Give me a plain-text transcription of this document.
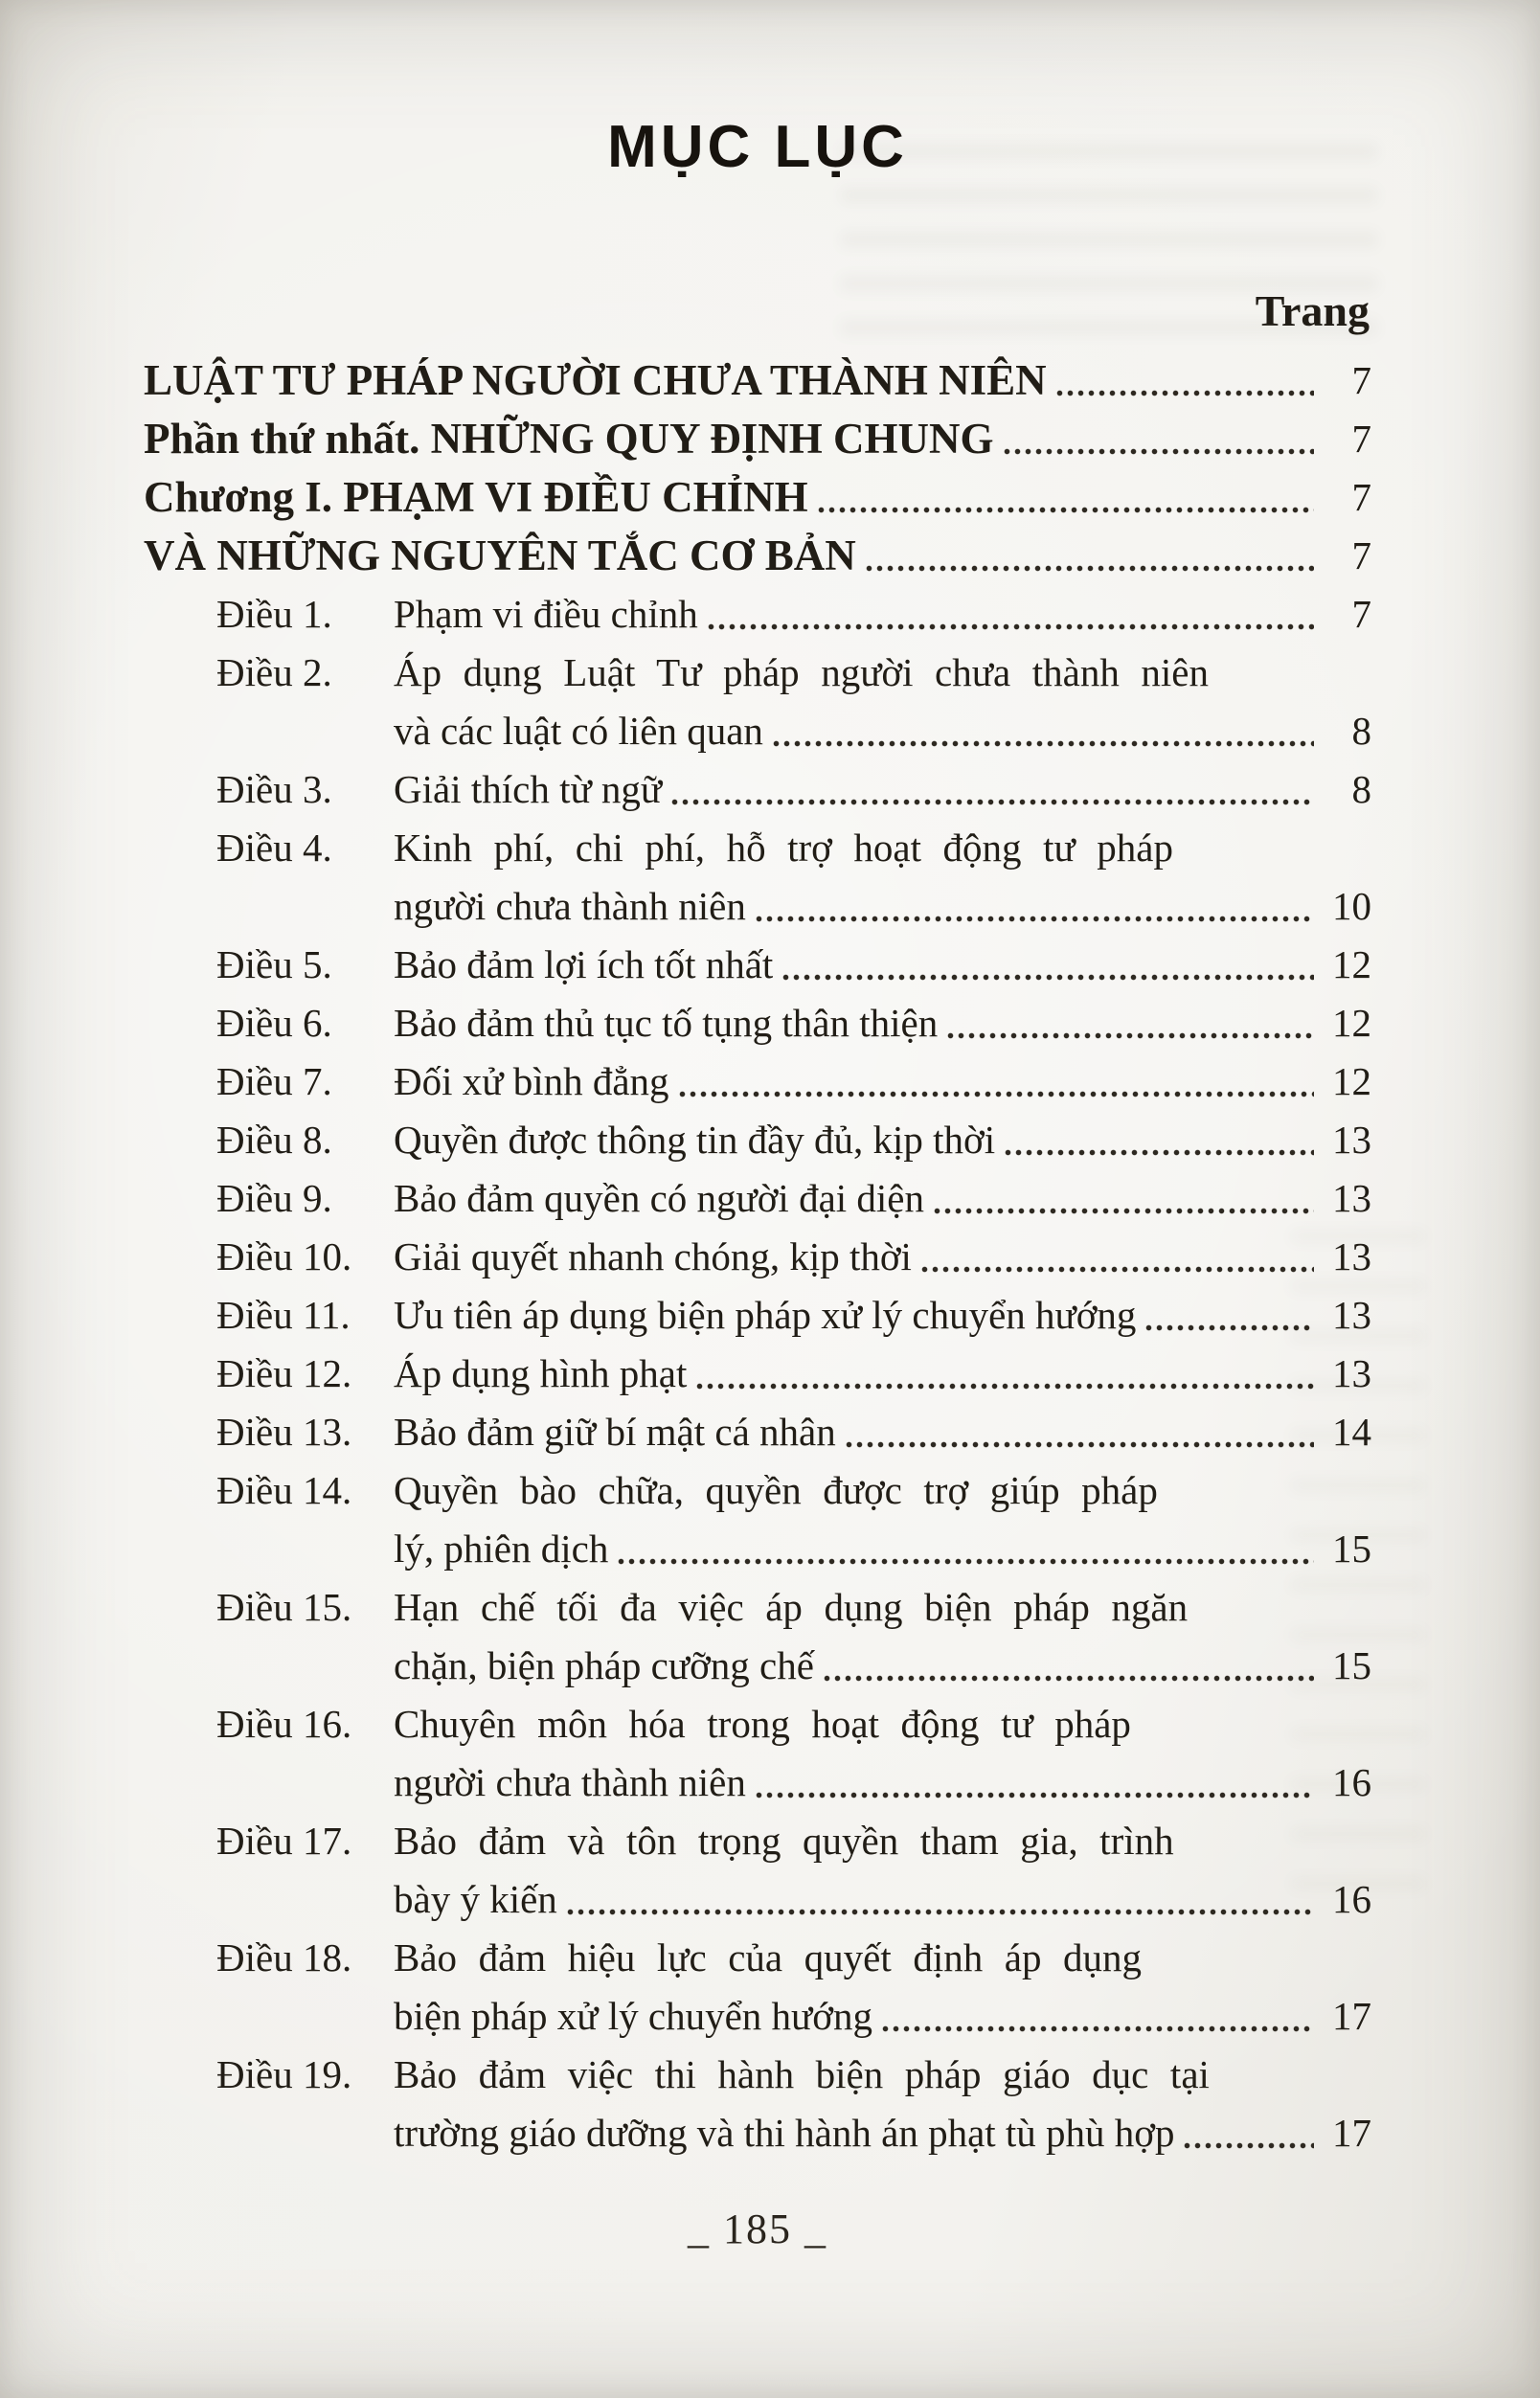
MỤC LỤC
Trang
LUẬT TƯ PHÁP NGƯỜI CHƯA THÀNH NIÊN	7
Phần thứ nhất. NHỮNG QUY ĐỊNH CHUNG	7
Chương I. PHẠM VI ĐIỀU CHỈNH	7
VÀ NHỮNG NGUYÊN TẮC CƠ BẢN	7
Điều 1.	Phạm vi điều chỉnh	7
Điều 2.	Áp dụng Luật Tư pháp người chưa thành niên
và các luật có liên quan	8
Điều 3.	Giải thích từ ngữ	8
Điều 4.	Kinh phí, chi phí, hỗ trợ hoạt động tư pháp
người chưa thành niên	10
Điều 5.	Bảo đảm lợi ích tốt nhất	12
Điều 6.	Bảo đảm thủ tục tố tụng thân thiện	12
Điều 7.	Đối xử bình đẳng	12
Điều 8.	Quyền được thông tin đầy đủ, kịp thời	13
Điều 9.	Bảo đảm quyền có người đại diện	13
Điều 10.	Giải quyết nhanh chóng, kịp thời	13
Điều 11.	Ưu tiên áp dụng biện pháp xử lý chuyển hướng	13
Điều 12.	Áp dụng hình phạt	13
Điều 13.	Bảo đảm giữ bí mật cá nhân	14
Điều 14.	Quyền bào chữa, quyền được trợ giúp pháp
lý, phiên dịch	15
Điều 15.	Hạn chế tối đa việc áp dụng biện pháp ngăn
chặn, biện pháp cưỡng chế	15
Điều 16.	Chuyên môn hóa trong hoạt động tư pháp
người chưa thành niên	16
Điều 17.	Bảo đảm và tôn trọng quyền tham gia, trình
bày ý kiến	16
Điều 18.	Bảo đảm hiệu lực của quyết định áp dụng
biện pháp xử lý chuyển hướng	17
Điều 19.	Bảo đảm việc thi hành biện pháp giáo dục tại
trường giáo dưỡng và thi hành án phạt tù phù hợp	17
_ 185 _
